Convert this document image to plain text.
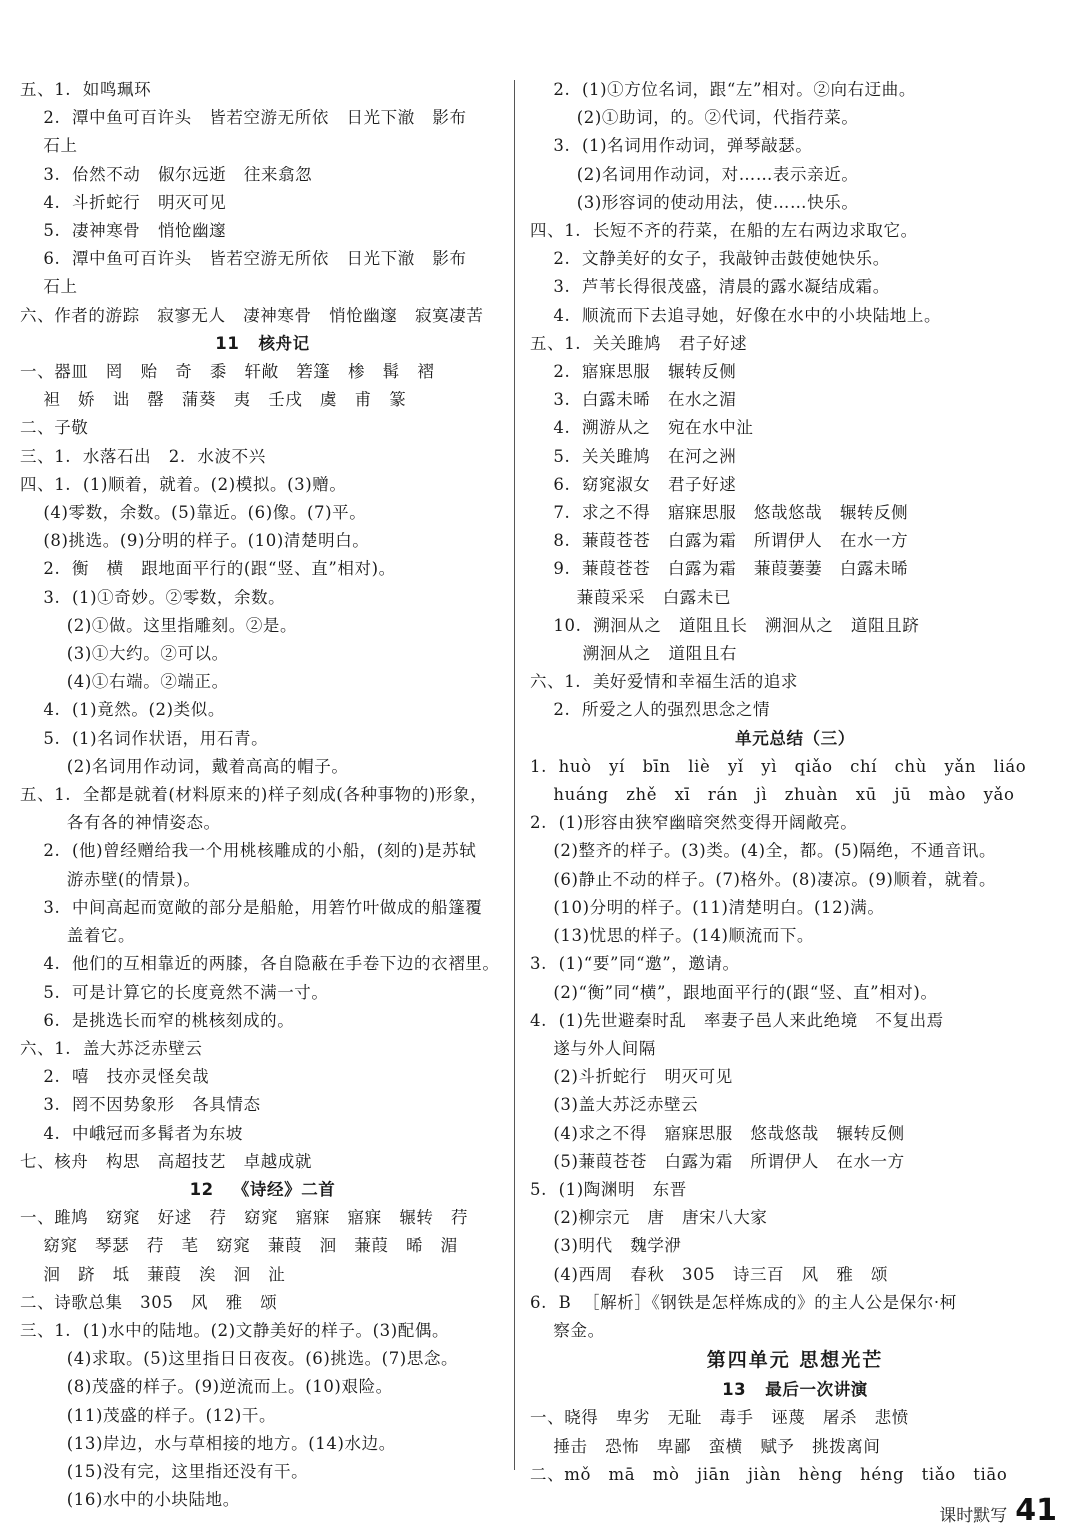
五、1.  如鸣珮环
2.  潭中鱼可百许头   皆若空游无所依   日光下澈   影布
石上
3.  佁然不动   俶尔远逝   往来翕忽
4.  斗折蛇行   明灭可见
5.  凄神寒骨   悄怆幽邃
6.  潭中鱼可百许头   皆若空游无所依   日光下澈   影布
石上
六、作者的游踪   寂寥无人   凄神寒骨   悄怆幽邃   寂寞凄苦
11   核舟记
一、器皿   罔   贻   奇   黍   轩敞   箬篷   椮   髯   褶
袒   娇   诎   罄   蒲葵   夷   壬戌   虞   甫   篆
二、子敬
三、1.  水落石出   2.  水波不兴
四、1.  (1)顺着，就着。(2)模拟。(3)赠。
(4)零数，余数。(5)靠近。(6)像。(7)平。
(8)挑选。(9)分明的样子。(10)清楚明白。
2.  衡   横   跟地面平行的(跟“竖、直”相对)。
3.  (1)①奇妙。②零数，余数。
(2)①做。这里指雕刻。②是。
(3)①大约。②可以。
(4)①右端。②端正。
4.  (1)竟然。(2)类似。
5.  (1)名词作状语，用石青。
(2)名词用作动词，戴着高高的帽子。
五、1.  全都是就着(材料原来的)样子刻成(各种事物的)形象，
各有各的神情姿态。
2.  (他)曾经赠给我一个用桃核雕成的小船，(刻的)是苏轼
游赤壁(的情景)。
3.  中间高起而宽敞的部分是船舱，用箬竹叶做成的船篷覆
盖着它。
4.  他们的互相靠近的两膝，各自隐蔽在手卷下边的衣褶里。
5.  可是计算它的长度竟然不满一寸。
6.  是挑选长而窄的桃核刻成的。
六、1.  盖大苏泛赤壁云
2.  嘻   技亦灵怪矣哉
3.  罔不因势象形   各具情态
4.  中峨冠而多髯者为东坡
七、核舟   构思   高超技艺   卓越成就
12   《诗经》二首
一、雎鸠   窈窕   好逑   荇   窈窕   寤寐   寤寐   辗转   荇
窈窕   琴瑟   荇   芼   窈窕   蒹葭   洄   蒹葭   晞   湄
洄   跻   坻   蒹葭   涘   洄   沚
二、诗歌总集   305   风   雅   颂
三、1.  (1)水中的陆地。(2)文静美好的样子。(3)配偶。
(4)求取。(5)这里指日日夜夜。(6)挑选。(7)思念。
(8)茂盛的样子。(9)逆流而上。(10)艰险。
(11)茂盛的样子。(12)干。
(13)岸边，水与草相接的地方。(14)水边。
(15)没有完，这里指还没有干。
(16)水中的小块陆地。
2.  (1)①方位名词，跟“左”相对。②向右迂曲。
(2)①助词，的。②代词，代指荇菜。
3.  (1)名词用作动词，弹琴敲瑟。
(2)名词用作动词，对……表示亲近。
(3)形容词的使动用法，使……快乐。
四、1.  长短不齐的荇菜，在船的左右两边求取它。
2.  文静美好的女子，我敲钟击鼓使她快乐。
3.  芦苇长得很茂盛，清晨的露水凝结成霜。
4.  顺流而下去追寻她，好像在水中的小块陆地上。
五、1.  关关雎鸠   君子好逑
2.  寤寐思服   辗转反侧
3.  白露未晞   在水之湄
4.  溯游从之   宛在水中沚
5.  关关雎鸠   在河之洲
6.  窈窕淑女   君子好逑
7.  求之不得   寤寐思服   悠哉悠哉   辗转反侧
8.  蒹葭苍苍   白露为霜   所谓伊人   在水一方
9.  蒹葭苍苍   白露为霜   蒹葭萋萋   白露未晞
蒹葭采采   白露未已
10.  溯洄从之   道阻且长   溯洄从之   道阻且跻
溯洄从之   道阻且右
六、1.  美好爱情和幸福生活的追求
2.  所爱之人的强烈思念之情
单元总结（三）
1.  huò   yí   bīn   liè   yǐ   yì   qiǎo   chí   chù   yǎn   liáo
huáng   zhě   xī   rán   jì   zhuàn   xū   jū   mào   yǎo
2.  (1)形容由狭窄幽暗突然变得开阔敞亮。
(2)整齐的样子。(3)类。(4)全，都。(5)隔绝，不通音讯。
(6)静止不动的样子。(7)格外。(8)凄凉。(9)顺着，就着。
(10)分明的样子。(11)清楚明白。(12)满。
(13)忧思的样子。(14)顺流而下。
3.  (1)“要”同“邀”，邀请。
(2)“衡”同“横”，跟地面平行的(跟“竖、直”相对)。
4.  (1)先世避秦时乱   率妻子邑人来此绝境   不复出焉
遂与外人间隔
(2)斗折蛇行   明灭可见
(3)盖大苏泛赤壁云
(4)求之不得   寤寐思服   悠哉悠哉   辗转反侧
(5)蒹葭苍苍   白露为霜   所谓伊人   在水一方
5.  (1)陶渊明   东晋
(2)柳宗元   唐   唐宋八大家
(3)明代   魏学洢
(4)西周   春秋   305   诗三百   风   雅   颂
6.  B  ［解析］《钢铁是怎样炼成的》的主人公是保尔·柯
察金。
第四单元 思想光芒
13   最后一次讲演
一、晓得   卑劣   无耻   毒手   诬蔑   屠杀   悲愤
捶击   恐怖   卑鄙   蛮横   赋予   挑拨离间
二、mǒ   mā   mò   jiān   jiàn   hèng   héng   tiǎo   tiāo
课时默写 41
